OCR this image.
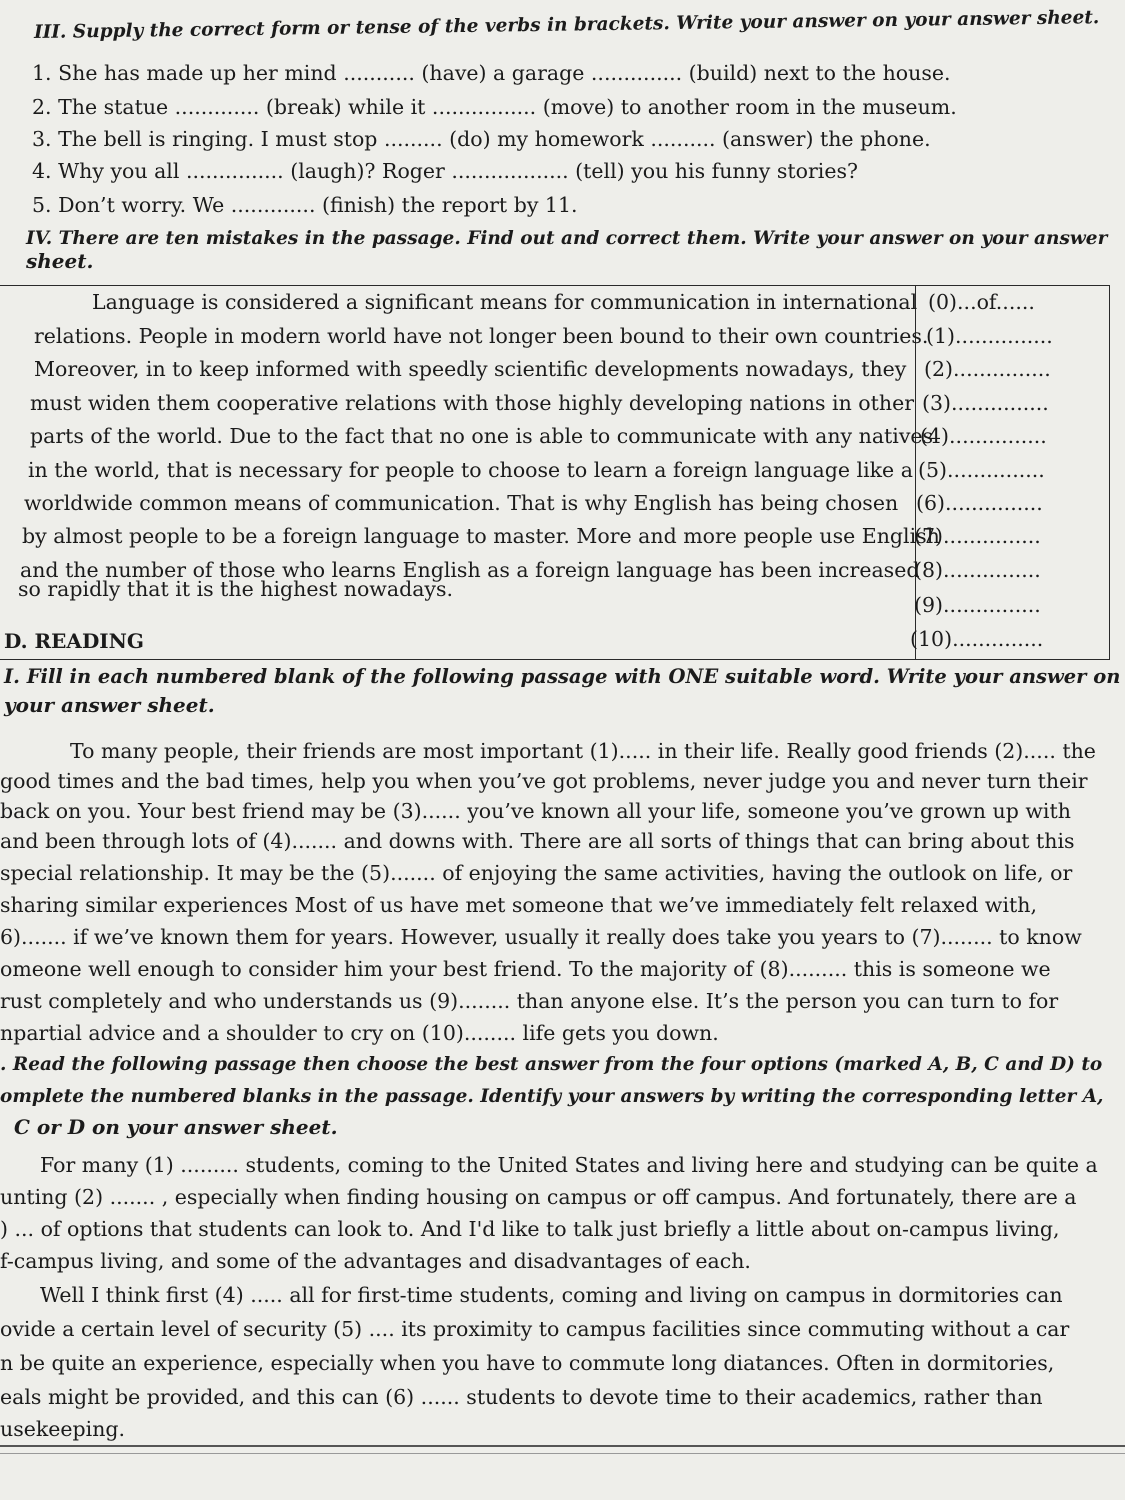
III. Supply the correct form or tense of the verbs in brackets. Write your answer on your answer sheet.
1. She has made up her mind ........... (have) a garage .............. (build) next to the house.
2. The statue ............. (break) while it ................ (move) to another room in the museum.
3. The bell is ringing. I must stop ......... (do) my homework .......... (answer) the phone.
4. Why you all ............... (laugh)? Roger .................. (tell) you his funny stories?
5. Don’t worry. We ............. (finish) the report by 11.
IV. There are ten mistakes in the passage. Find out and correct them. Write your answer on your answer
sheet.
Language is considered a significant means for communication in international
relations. People in modern world have not longer been bound to their own countries.
Moreover, in to keep informed with speedly scientific developments nowadays, they
must widen them cooperative relations with those highly developing nations in other
parts of the world. Due to the fact that no one is able to communicate with any natives
in the world, that is necessary for people to choose to learn a foreign language like a
worldwide common means of communication. That is why English has being chosen
by almost people to be a foreign language to master. More and more people use English
and the number of those who learns English as a foreign language has been increased
so rapidly that it is the highest nowadays.
(0)...of......
(1)...............
(2)...............
(3)...............
(4)...............
(5)...............
(6)...............
(7)...............
(8)...............
(9)...............
(10)..............
D. READING
I. Fill in each numbered blank of the following passage with ONE suitable word. Write your answer on
your answer sheet.
To many people, their friends are most important (1)..... in their life. Really good friends (2)..... the
good times and the bad times, help you when you’ve got problems, never judge you and never turn their
back on you. Your best friend may be (3)...... you’ve known all your life, someone you’ve grown up with
and been through lots of (4)....... and downs with. There are all sorts of things that can bring about this
special relationship. It may be the (5)....... of enjoying the same activities, having the outlook on life, or
sharing similar experiences Most of us have met someone that we’ve immediately felt relaxed with,
6)....... if we’ve known them for years. However, usually it really does take you years to (7)........ to know
omeone well enough to consider him your best friend. To the majority of (8)......... this is someone we
rust completely and who understands us (9)........ than anyone else. It’s the person you can turn to for
npartial advice and a shoulder to cry on (10)........ life gets you down.
. Read the following passage then choose the best answer from the four options (marked A, B, C and D) to
omplete the numbered blanks in the passage. Identify your answers by writing the corresponding letter A,
C or D on your answer sheet.
For many (1) ......... students, coming to the United States and living here and studying can be quite a
unting (2) ....... , especially when finding housing on campus or off campus. And fortunately, there are a
) ... of options that students can look to. And I'd like to talk just briefly a little about on-campus living,
f-campus living, and some of the advantages and disadvantages of each.
Well I think first (4) ..... all for first-time students, coming and living on campus in dormitories can
ovide a certain level of security (5) .... its proximity to campus facilities since commuting without a car
n be quite an experience, especially when you have to commute long diatances. Often in dormitories,
eals might be provided, and this can (6) ...... students to devote time to their academics, rather than
usekeeping.
